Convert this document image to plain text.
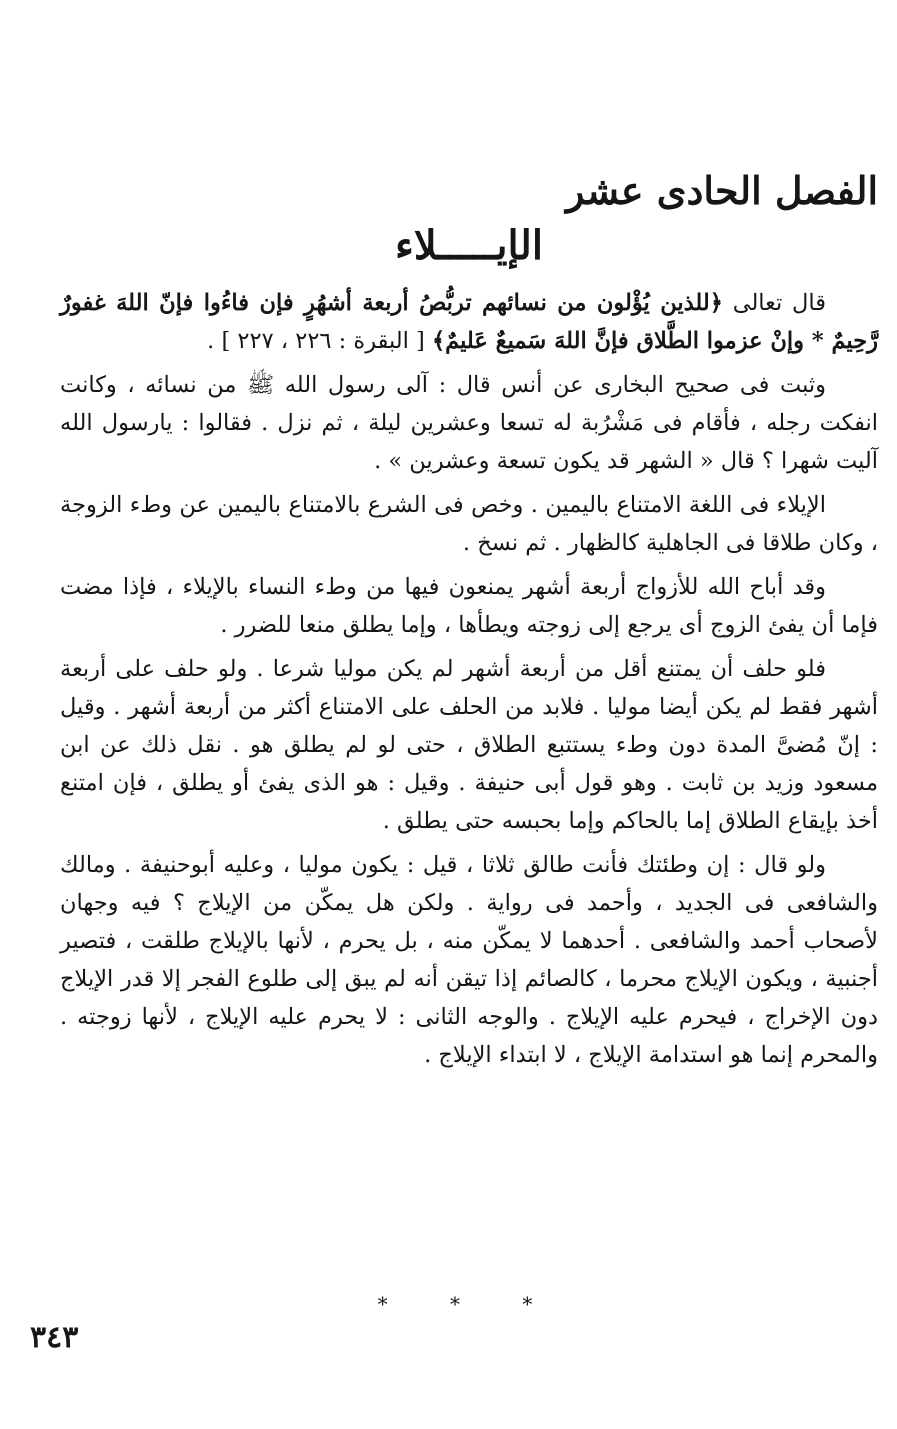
الفصل الحادى عشر
الإيـــــلاء

قال تعالى ﴿للذين يُؤْلون من نسائهم تربُّصُ أربعة أشهُرٍ فإن فاءُوا فإنّ اللهَ غفورٌ رَّحِيمٌ * وإنْ عزموا الطَّلاق فإنَّ اللهَ سَميعٌ عَليمٌ﴾ [ البقرة : ٢٢٦ ، ٢٢٧ ] .

وثبت فى صحيح البخارى عن أنس قال : آلى رسول الله ﷺ من نسائه ، وكانت انفكت رجله ، فأقام فى مَشْرُبة له تسعا وعشرين ليلة ، ثم نزل . فقالوا : يارسول الله آليت شهرا ؟ قال « الشهر قد يكون تسعة وعشرين » .

الإيلاء فى اللغة الامتناع باليمين . وخص فى الشرع بالامتناع باليمين عن وطء الزوجة ، وكان طلاقا فى الجاهلية كالظهار . ثم نسخ .

وقد أباح الله للأزواج أربعة أشهر يمنعون فيها من وطء النساء بالإيلاء ، فإذا مضت فإما أن يفئ الزوج أى يرجع إلى زوجته ويطأها ، وإما يطلق منعا للضرر .

فلو حلف أن يمتنع أقل من أربعة أشهر لم يكن موليا شرعا . ولو حلف على أربعة أشهر فقط لم يكن أيضا موليا . فلابد من الحلف على الامتناع أكثر من أربعة أشهر . وقيل : إنّ مُضىَّ المدة دون وطء يستتبع الطلاق ، حتى لو لم يطلق هو . نقل ذلك عن ابن مسعود وزيد بن ثابت . وهو قول أبى حنيفة . وقيل : هو الذى يفئ أو يطلق ، فإن امتنع أخذ بإيقاع الطلاق إما بالحاكم وإما بحبسه حتى يطلق .

ولو قال : إن وطئتك فأنت طالق ثلاثا ، قيل : يكون موليا ، وعليه أبوحنيفة . ومالك والشافعى فى الجديد ، وأحمد فى رواية . ولكن هل يمكّن من الإيلاج ؟ فيه وجهان لأصحاب أحمد والشافعى . أحدهما لا يمكّن منه ، بل يحرم ، لأنها بالإيلاج طلقت ، فتصير أجنبية ، ويكون الإيلاج محرما ، كالصائم إذا تيقن أنه لم يبق إلى طلوع الفجر إلا قدر الإيلاج دون الإخراج ، فيحرم عليه الإيلاج . والوجه الثانى : لا يحرم عليه الإيلاج ، لأنها زوجته . والمحرم إنما هو استدامة الإيلاج ، لا ابتداء الإيلاج .

* * *
٣٤٣
